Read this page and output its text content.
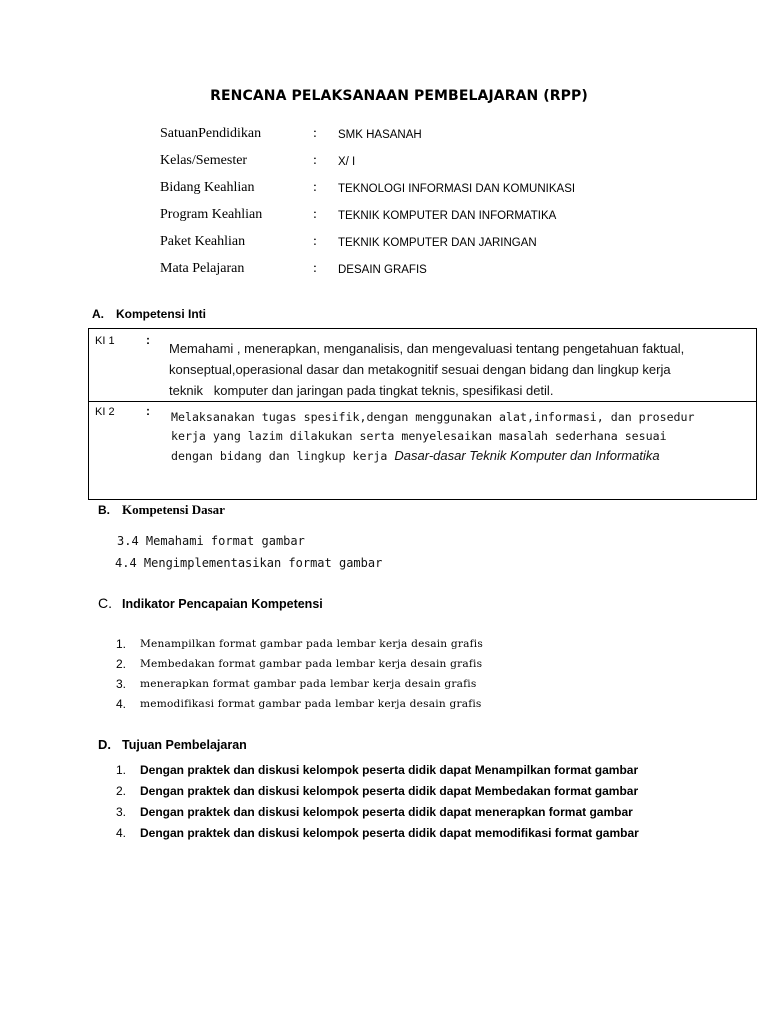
RENCANA PELAKSANAAN PEMBELAJARAN (RPP)
SatuanPendidikan	: SMK HASANAH
Kelas/Semester	: X/ I
Bidang Keahlian	: TEKNOLOGI INFORMASI DAN KOMUNIKASI
Program Keahlian	: TEKNIK KOMPUTER DAN INFORMATIKA
Paket Keahlian	: TEKNIK KOMPUTER DAN JARINGAN
Mata Pelajaran	: DESAIN GRAFIS
A. Kompetensi Inti
KI 1	:
Memahami , menerapkan, menganalisis, dan mengevaluasi tentang pengetahuan faktual,
konseptual,operasional dasar dan metakognitif sesuai dengan bidang dan lingkup kerja
teknik   komputer dan jaringan pada tingkat teknis, spesifikasi detil.
KI 2	: Melaksanakan tugas spesifik,dengan menggunakan alat,informasi, dan prosedur
kerja yang lazim dilakukan serta menyelesaikan masalah sederhana sesuai
dengan bidang dan lingkup kerja Dasar-dasar Teknik Komputer dan Informatika
B. Kompetensi Dasar
3.4 Memahami format gambar
4.4 Mengimplementasikan format gambar
C. Indikator Pencapaian Kompetensi
1. Menampilkan format gambar pada lembar kerja desain grafis
2. Membedakan format gambar pada lembar kerja desain grafis
3. menerapkan format gambar pada lembar kerja desain grafis
4. memodifikasi format gambar pada lembar kerja desain grafis
D. Tujuan Pembelajaran
1. Dengan praktek dan diskusi kelompok peserta didik dapat Menampilkan format gambar
2. Dengan praktek dan diskusi kelompok peserta didik dapat Membedakan format gambar
3. Dengan praktek dan diskusi kelompok peserta didik dapat menerapkan format gambar
4. Dengan praktek dan diskusi kelompok peserta didik dapat memodifikasi format gambar
